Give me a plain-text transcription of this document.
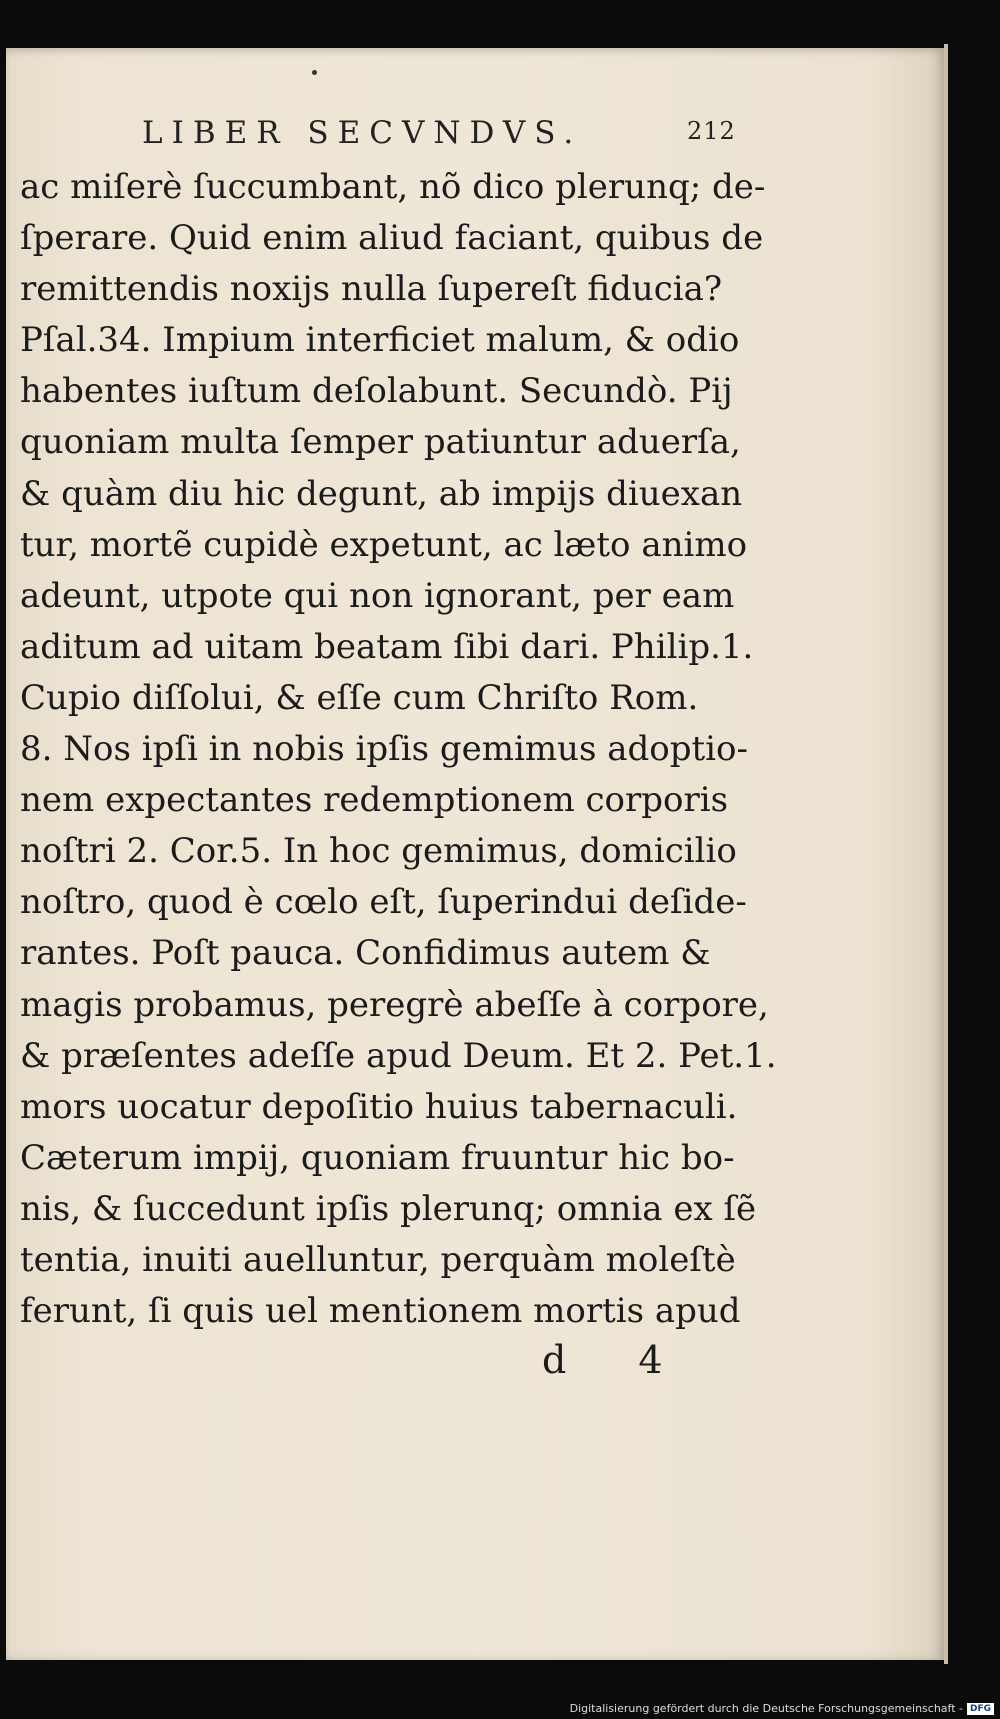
LIBER SECVNDVS.	212
ac miſerè ſuccumbant, nõ dico plerunq; de-
ſperare. Quid enim aliud faciant, quibus de
remittendis noxijs nulla ſupereſt fiducia?
Pſal.34. Impium interficiet malum, & odio
habentes iuſtum deſolabunt. Secundò. Pij
quoniam multa ſemper patiuntur aduerſa,
& quàm diu hic degunt, ab impijs diuexan
tur, mortẽ cupidè expetunt, ac læto animo
adeunt, utpote qui non ignorant, per eam
aditum ad uitam beatam ſibi dari. Philip.1.
Cupio diſſolui, & eſſe cum Chriſto Rom.
8. Nos ipſi in nobis ipſis gemimus adoptio-
nem expectantes redemptionem corporis
noſtri 2. Cor.5. In hoc gemimus, domicilio
noſtro, quod è cœlo eſt, ſuperindui deſide-
rantes. Poſt pauca. Confidimus autem &
magis probamus, peregrè abeſſe à corpore,
& præſentes adeſſe apud Deum. Et 2. Pet.1.
mors uocatur depoſitio huius tabernaculi.
Cæterum impij, quoniam fruuntur hic bo-
nis, & ſuccedunt ipſis plerunq; omnia ex ſẽ
tentia, inuiti auelluntur, perquàm moleſtè
ferunt, ſi quis uel mentionem mortis apud
d 4
Digitalisierung gefördert durch die Deutsche Forschungsgemeinschaft - DFG
